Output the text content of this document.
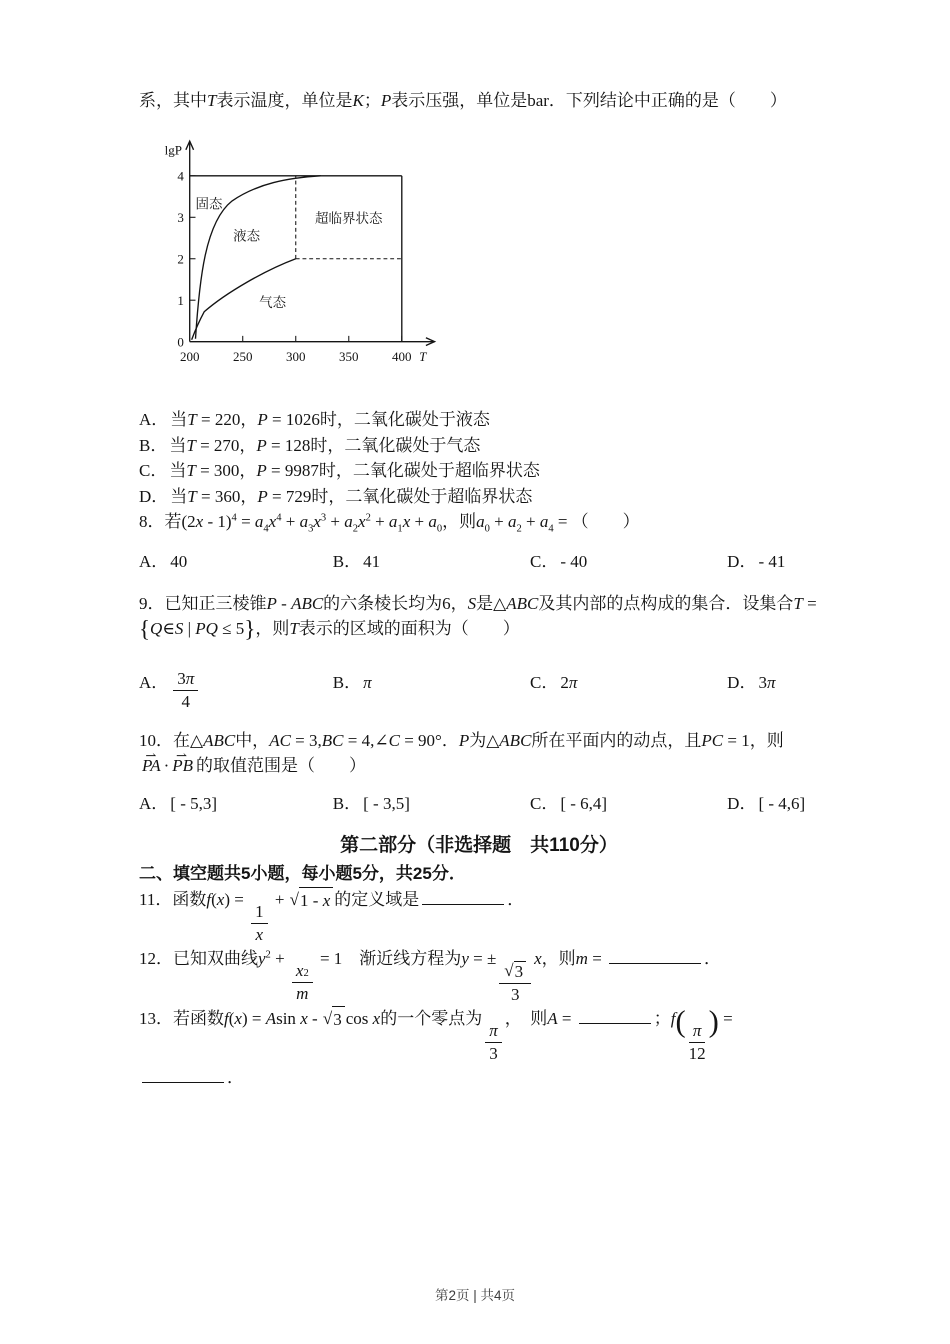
系，其中T表示温度，单位是K；P表示压强，单位是bar．下列结论中正确的是（　　）

lgP
0
1
2
3
4
200 250 300 350 400 T
固态
液态
超临界状态
气态

A． 当T = 220，P = 1026时，二氧化碳处于液态

B． 当T = 270，P = 128时，二氧化碳处于气态

C． 当T = 300，P = 9987时，二氧化碳处于超临界状态

D． 当T = 360，P = 729时，二氧化碳处于超临界状态

8．若$(2x - 1)^4 = a_4x^4 + a_3x^3 + a_2x^2 + a_1x + a_0$，则$a_0 + a_2 + a_4$ = （　　）

A． 40	B． 41	C． - 40	D． - 41

9．已知正三棱锥P - ABC的六条棱长均为6，S是△ABC及其内部的点构成的集合．设集合T = {Q∈S | PQ ≤ 5}，则T表示的区域的面积为（　　）

A． $\frac{3 \pi}{4}$	B． π	C． 2π	D． 3π

10．在△ABC中，AC = 3,BC = 4,∠C = 90°．P为△ABC所在平面内的动点，且PC = 1，则PA ⇀ · PB ⇀ 的取值范围是（　　）

A． [ - 5,3]	B． [ - 3,5]	C． [ - 6,4]	D． [ - 4,6]

第二部分（非选择题　共110分）

二、填空题共5小题，每小题5分，共25分．

11．函数f(x) =
$\frac{1}{x}$
+ √ 1 - x 的定义域是	．

12．已知双曲线$y^2$ +
$\frac{x_2}{m}$
= 1　渐近线方程为y = ±
$\frac{√ 3}{3}$
x，则m =	．

13．若函数f(x) = Asin x - √ 3 cos x的一个零点为
$\frac{\pi}{3}$
，　则A =	；$f( \frac{\pi}{12}$ ) =

．

第2页 | 共4页
